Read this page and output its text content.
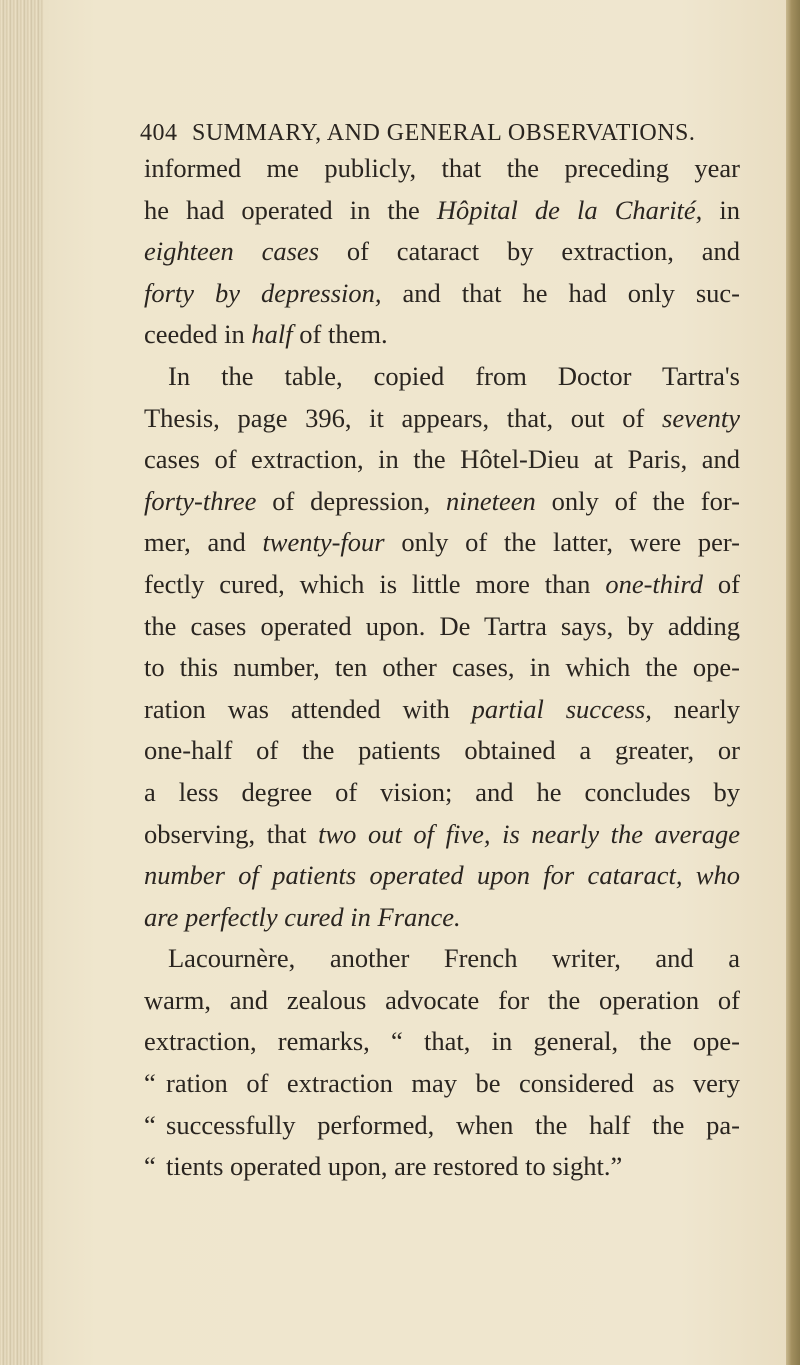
404 SUMMARY, AND GENERAL OBSERVATIONS.
informed me publicly, that the preceding year
he had operated in the Hôpital de la Charité, in
eighteen cases of cataract by extraction, and
forty by depression, and that he had only suc-
ceeded in half of them.
In the table, copied from Doctor Tartra's
Thesis, page 396, it appears, that, out of seventy
cases of extraction, in the Hôtel-Dieu at Paris, and
forty-three of depression, nineteen only of the for-
mer, and twenty-four only of the latter, were per-
fectly cured, which is little more than one-third of
the cases operated upon. De Tartra says, by adding
to this number, ten other cases, in which the ope-
ration was attended with partial success, nearly
one-half of the patients obtained a greater, or
a less degree of vision; and he concludes by
observing, that two out of five, is nearly the average
number of patients operated upon for cataract, who
are perfectly cured in France.
Lacournère, another French writer, and a
warm, and zealous advocate for the operation of
extraction, remarks, “ that, in general, the ope-
“ ration of extraction may be considered as very
“ successfully performed, when the half the pa-
“ tients operated upon, are restored to sight.”
